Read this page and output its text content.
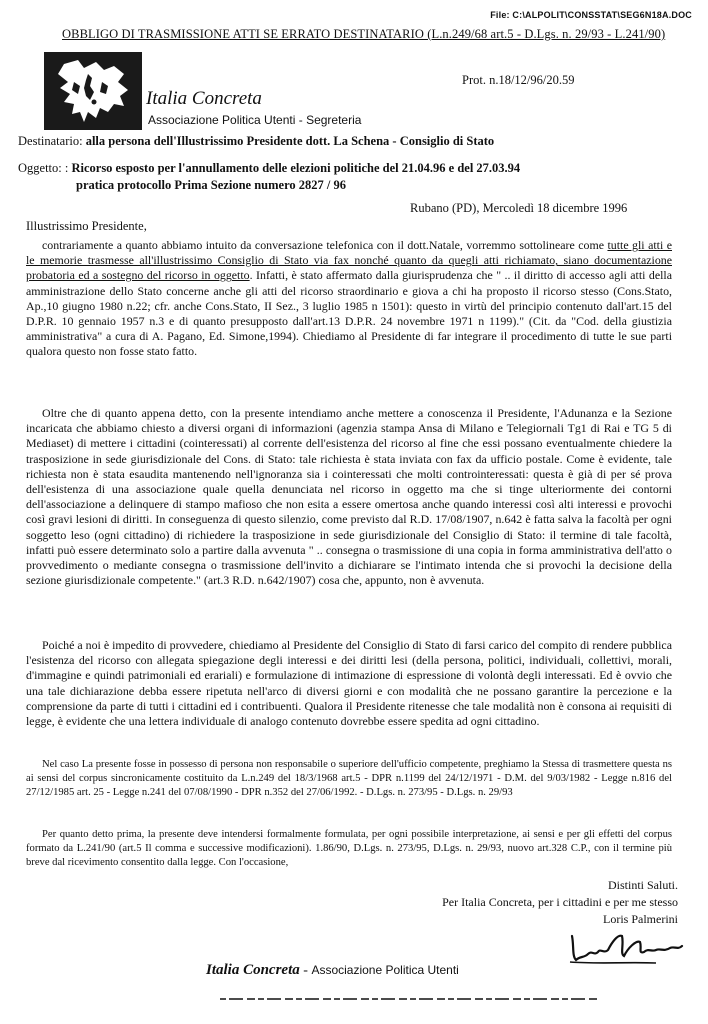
File: C:\ALPOLIT\CONSSTAT\SEG6N18A.DOC
OBBLIGO DI TRASMISSIONE ATTI SE ERRATO DESTINATARIO (L.n.249/68 art.5 - D.Lgs. n. 29/93 - L.241/90)
Italia Concreta
Associazione Politica Utenti - Segreteria
Prot. n.18/12/96/20.59
Destinatario: alla persona dell'Illustrissimo Presidente dott. La Schena - Consiglio di Stato
Oggetto: : Ricorso esposto per l'annullamento delle elezioni politiche del 21.04.96 e del 27.03.94
pratica protocollo Prima Sezione numero 2827 / 96
Rubano (PD), Mercoledì 18 dicembre 1996
Illustrissimo Presidente,

contrariamente a quanto abbiamo intuito da conversazione telefonica con il dott.Natale, vorremmo sottolineare come tutte gli atti e le memorie trasmesse all'illustrissimo Consiglio di Stato via fax nonché quanto da quegli atti richiamato, siano documentazione probatoria ed a sostegno del ricorso in oggetto. Infatti, è stato affermato dalla giurisprudenza che " .. il diritto di accesso agli atti della amministrazione dello Stato concerne anche gli atti del ricorso straordinario e giova a chi ha proposto il ricorso stesso (Cons.Stato, Ap.,10 giugno 1980 n.22; cfr. anche Cons.Stato, II Sez., 3 luglio 1985 n 1501): questo in virtù del principio contenuto dall'art.15 del D.P.R. 10 gennaio 1957 n.3 e di quanto presupposto dall'art.13 D.P.R. 24 novembre 1971 n 1199)." (Cit. da "Cod. della giustizia amministrativa" a cura di A. Pagano, Ed. Simone,1994). Chiediamo al Presidente di far integrare il procedimento di tutte le sue parti qualora questo non fosse stato fatto.

Oltre che di quanto appena detto, con la presente intendiamo anche mettere a conoscenza il Presidente, l'Adunanza e la Sezione incaricata che abbiamo chiesto a diversi organi di informazioni (agenzia stampa Ansa di Milano e Telegiornali Tg1 di Rai e TG 5 di Mediaset) di mettere i cittadini (cointeressati) al corrente dell'esistenza del ricorso al fine che essi possano eventualmente chiedere la trasposizione in sede giurisdizionale del Cons. di Stato: tale richiesta è stata inviata con fax da ufficio postale. Come è evidente, tale richiesta non è stata esaudita mantenendo nell'ignoranza sia i cointeressati che molti controinteressati: questa è già di per sé prova dell'esistenza di una associazione quale quella denunciata nel ricorso in oggetto ma che si tinge ulteriormente dei contorni dell'associazione a delinquere di stampo mafioso che non esita a essere omertosa anche quando interessi così alti interessi e provochi così gravi lesioni di diritti. In conseguenza di questo silenzio, come previsto dal R.D. 17/08/1907, n.642 è fatta salva la facoltà per ogni soggetto leso (ogni cittadino) di richiedere la trasposizione in sede giurisdizionale del Consiglio di Stato: il termine di tale facoltà, infatti può essere determinato solo a partire dalla avvenuta " .. consegna o trasmissione di una copia in forma amministrativa dell'atto o provvedimento o mediante consegna o trasmissione dell'invito a dichiarare se l'intimato intenda che si provochi la decisione della sezione giurisdizionale competente." (art.3 R.D. n.642/1907) cosa che, appunto, non è avvenuta.

Poiché a noi è impedito di provvedere, chiediamo al Presidente del Consiglio di Stato di farsi carico del compito di rendere pubblica l'esistenza del ricorso con allegata spiegazione degli interessi e dei diritti lesi (della persona, politici, individuali, collettivi, morali, d'immagine e quindi patrimoniali ed erariali) e formulazione di intimazione di espressione di volontà degli interessati. Ed è ovvio che una tale dichiarazione debba essere ripetuta nell'arco di diversi giorni e con modalità che ne possano garantire la percezione e la comprensione da parte di tutti i cittadini ed i contribuenti. Qualora il Presidente ritenesse che tale modalità non è consona ai requisiti di legge, è evidente che una lettera individuale di analogo contenuto dovrebbe essere spedita ad ogni cittadino.

Nel caso La presente fosse in possesso di persona non responsabile o superiore dell'ufficio competente, preghiamo la Stessa di trasmettere questa ns ai sensi del corpus sincronicamente costituito da L.n.249 del 18/3/1968 art.5 - DPR n.1199 del 24/12/1971 - D.M. del 9/03/1982 - Legge n.816 del 27/12/1985 art. 25 - Legge n.241 del 07/08/1990 - DPR n.352 del 27/06/1992. - D.Lgs. n. 273/95 - D.Lgs. n. 29/93

Per quanto detto prima, la presente deve intendersi formalmente formulata, per ogni possibile interpretazione, ai sensi e per gli effetti del corpus formato da L.241/90 (art.5 Il comma e successive modificazioni). 1.86/90, D.Lgs. n. 273/95, D.Lgs. n. 29/93, nuovo art.328 C.P., con il termine più breve dal ricevimento consentito dalla legge. Con l'occasione,

Distinti Saluti.
Per Italia Concreta, per i cittadini e per me stesso
Loris Palmerini
Italia Concreta - Associazione Politica Utenti
